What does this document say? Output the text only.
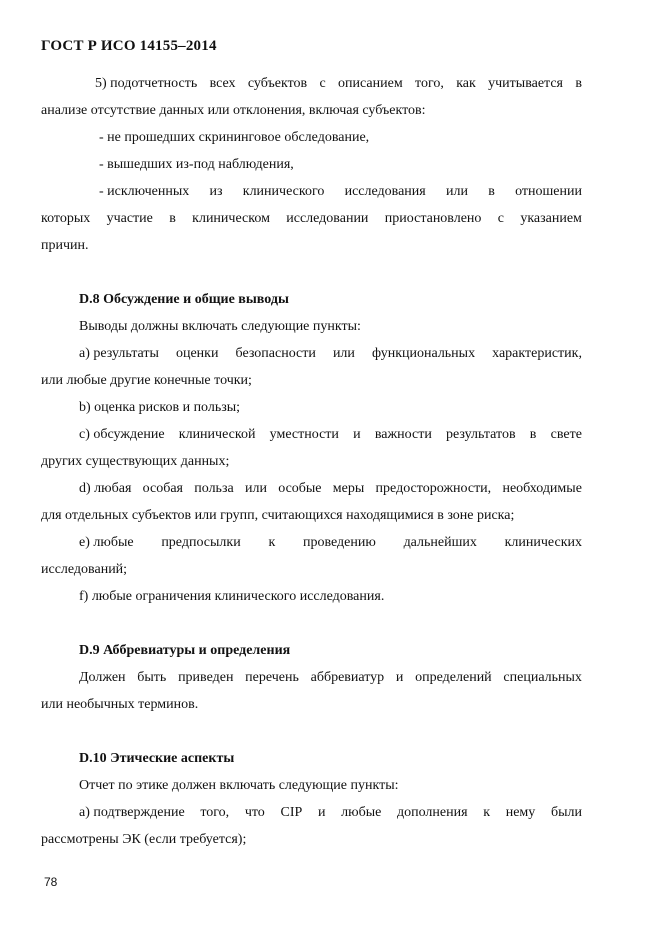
ГОСТ Р ИСО 14155–2014
5) подотчетность всех субъектов с описанием того, как учитывается в
анализе отсутствие данных или отклонения, включая субъектов:
- не прошедших скрининговое обследование,
- вышедших из-под наблюдения,
- исключенных из клинического исследования или в отношении
которых участие в клиническом исследовании приостановлено с указанием
причин.
D.8 Обсуждение и общие выводы
Выводы должны включать следующие пункты:
a) результаты оценки безопасности или функциональных характеристик,
или любые другие конечные точки;
b) оценка рисков и пользы;
c) обсуждение клинической уместности и важности результатов в свете
других существующих данных;
d) любая особая польза или особые меры предосторожности, необходимые
для отдельных субъектов или групп, считающихся находящимися в зоне риска;
e) любые предпосылки к проведению дальнейших клинических
исследований;
f) любые ограничения клинического исследования.
D.9 Аббревиатуры и определения
Должен быть приведен перечень аббревиатур и определений специальных
или необычных терминов.
D.10 Этические аспекты
Отчет по этике должен включать следующие пункты:
a) подтверждение того, что CIP и любые дополнения к нему были
рассмотрены ЭК (если требуется);
78
